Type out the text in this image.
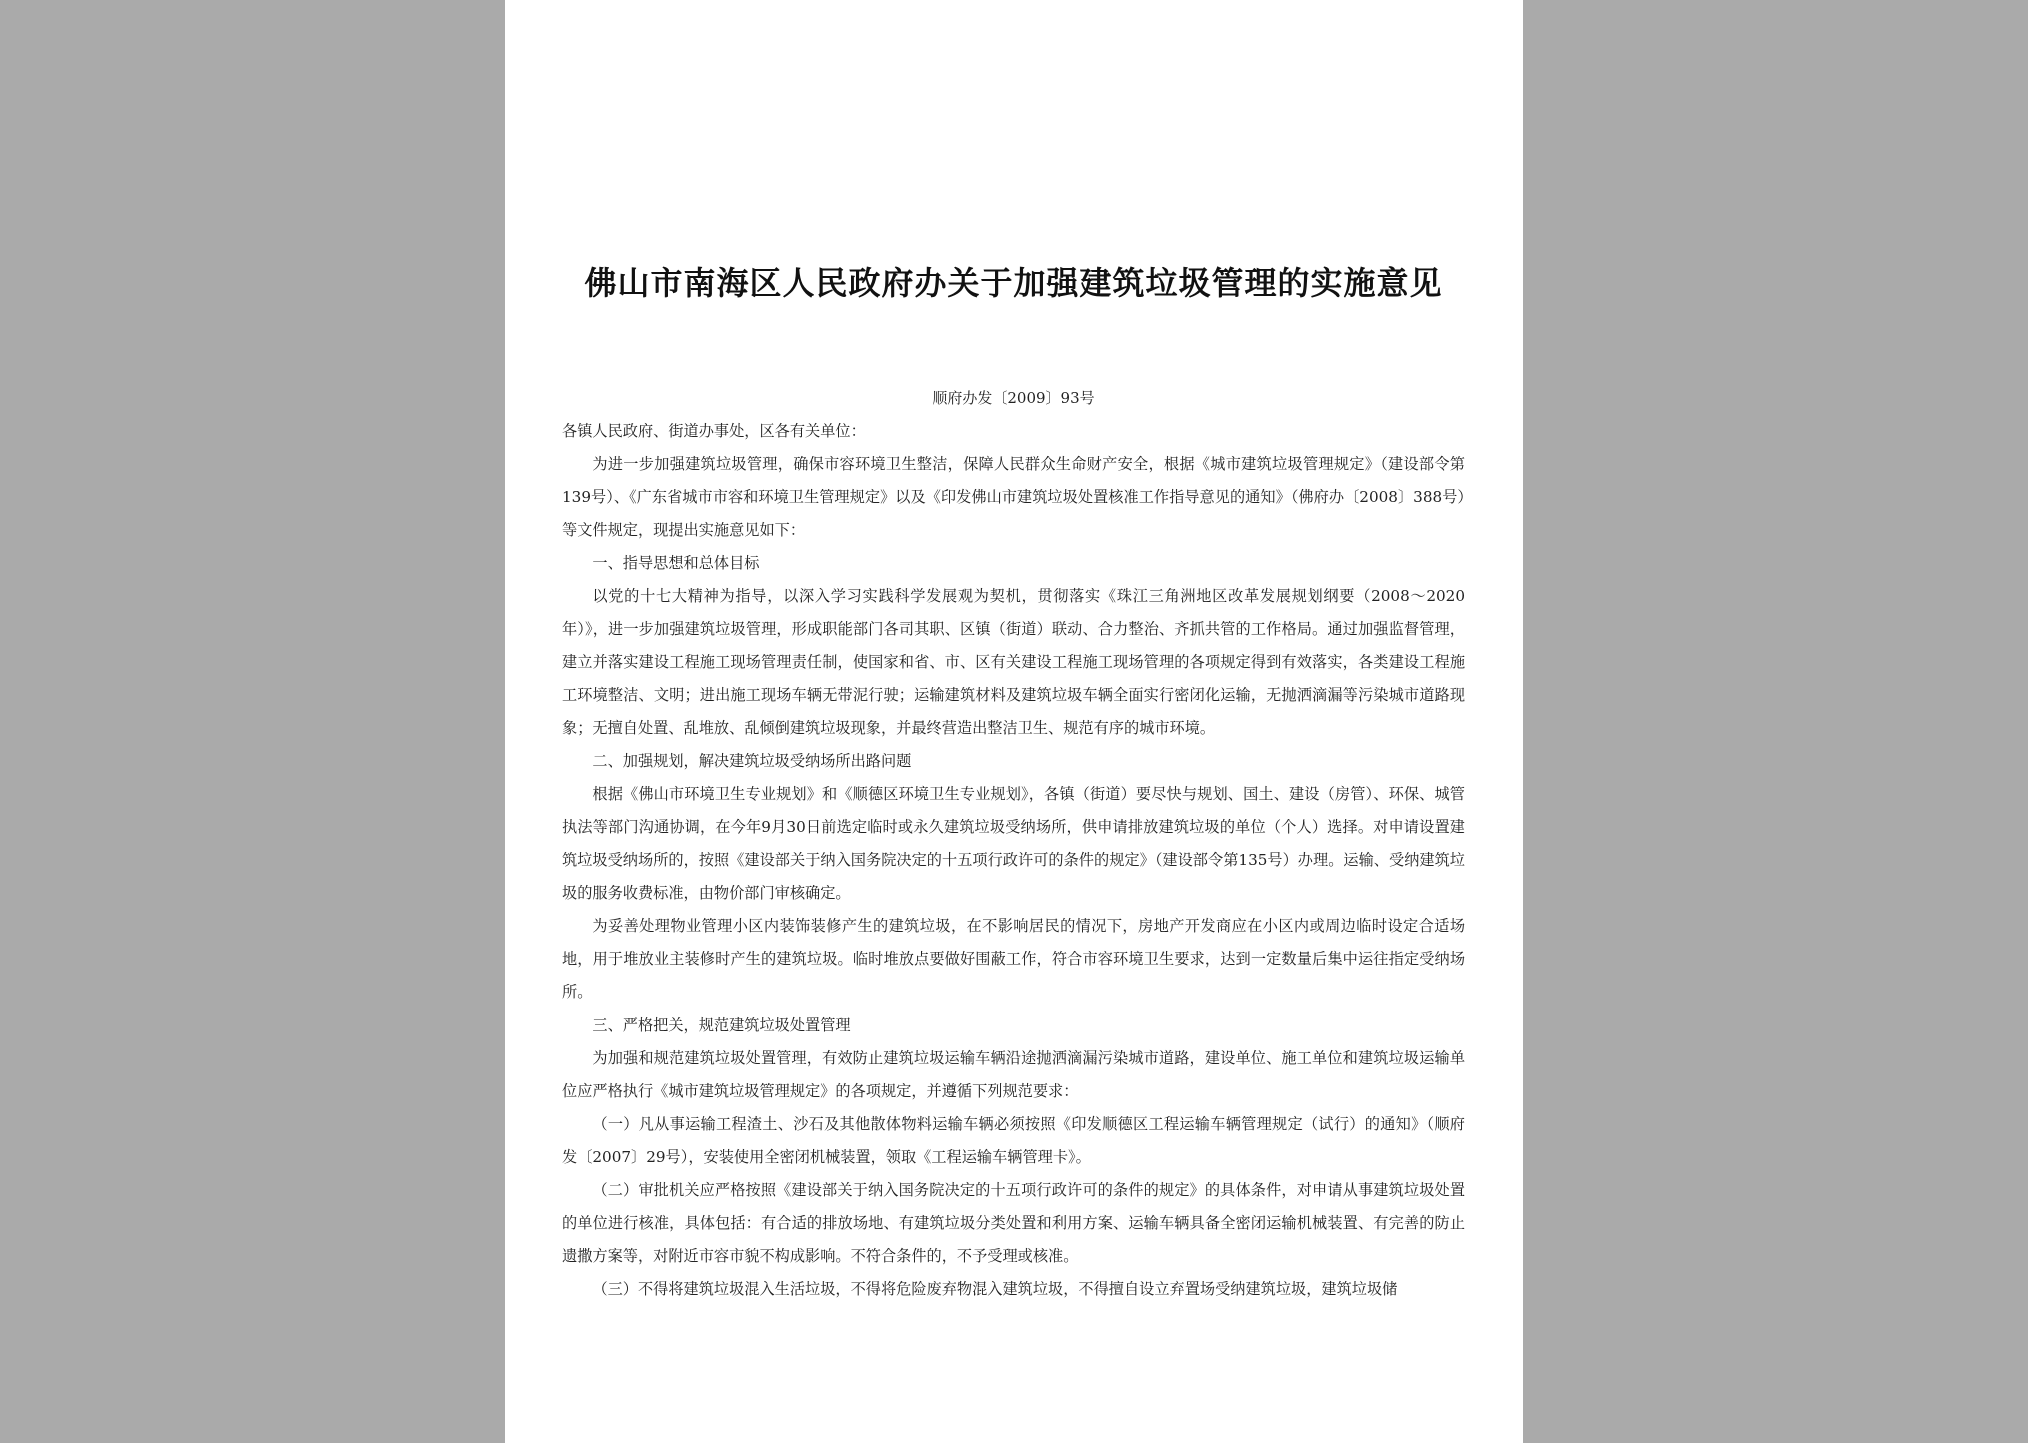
佛山市南海区人民政府办关于加强建筑垃圾管理的实施意见
顺府办发〔2009〕93号

各镇人民政府、街道办事处，区各有关单位：

为进一步加强建筑垃圾管理，确保市容环境卫生整洁，保障人民群众生命财产安全，根据《城市建筑垃圾管理规定》（建设部令第139号）、《广东省城市市容和环境卫生管理规定》以及《印发佛山市建筑垃圾处置核准工作指导意见的通知》（佛府办〔2008〕388号）等文件规定，现提出实施意见如下：

一、指导思想和总体目标

以党的十七大精神为指导，以深入学习实践科学发展观为契机，贯彻落实《珠江三角洲地区改革发展规划纲要（2008～2020年）》，进一步加强建筑垃圾管理，形成职能部门各司其职、区镇（街道）联动、合力整治、齐抓共管的工作格局。通过加强监督管理，建立并落实建设工程施工现场管理责任制，使国家和省、市、区有关建设工程施工现场管理的各项规定得到有效落实，各类建设工程施工环境整洁、文明；进出施工现场车辆无带泥行驶；运输建筑材料及建筑垃圾车辆全面实行密闭化运输，无抛洒滴漏等污染城市道路现象；无擅自处置、乱堆放、乱倾倒建筑垃圾现象，并最终营造出整洁卫生、规范有序的城市环境。

二、加强规划，解决建筑垃圾受纳场所出路问题

根据《佛山市环境卫生专业规划》和《顺德区环境卫生专业规划》，各镇（街道）要尽快与规划、国土、建设（房管）、环保、城管执法等部门沟通协调，在今年9月30日前选定临时或永久建筑垃圾受纳场所，供申请排放建筑垃圾的单位（个人）选择。对申请设置建筑垃圾受纳场所的，按照《建设部关于纳入国务院决定的十五项行政许可的条件的规定》（建设部令第135号）办理。运输、受纳建筑垃圾的服务收费标准，由物价部门审核确定。

为妥善处理物业管理小区内装饰装修产生的建筑垃圾，在不影响居民的情况下，房地产开发商应在小区内或周边临时设定合适场地，用于堆放业主装修时产生的建筑垃圾。临时堆放点要做好围蔽工作，符合市容环境卫生要求，达到一定数量后集中运往指定受纳场所。

三、严格把关，规范建筑垃圾处置管理

为加强和规范建筑垃圾处置管理，有效防止建筑垃圾运输车辆沿途抛洒滴漏污染城市道路，建设单位、施工单位和建筑垃圾运输单位应严格执行《城市建筑垃圾管理规定》的各项规定，并遵循下列规范要求：

（一）凡从事运输工程渣土、沙石及其他散体物料运输车辆必须按照《印发顺德区工程运输车辆管理规定（试行）的通知》（顺府发〔2007〕29号），安装使用全密闭机械装置，领取《工程运输车辆管理卡》。

（二）审批机关应严格按照《建设部关于纳入国务院决定的十五项行政许可的条件的规定》的具体条件，对申请从事建筑垃圾处置的单位进行核准，具体包括：有合适的排放场地、有建筑垃圾分类处置和利用方案、运输车辆具备全密闭运输机械装置、有完善的防止遗撒方案等，对附近市容市貌不构成影响。不符合条件的，不予受理或核准。

（三）不得将建筑垃圾混入生活垃圾，不得将危险废弃物混入建筑垃圾，不得擅自设立弃置场受纳建筑垃圾，建筑垃圾储
